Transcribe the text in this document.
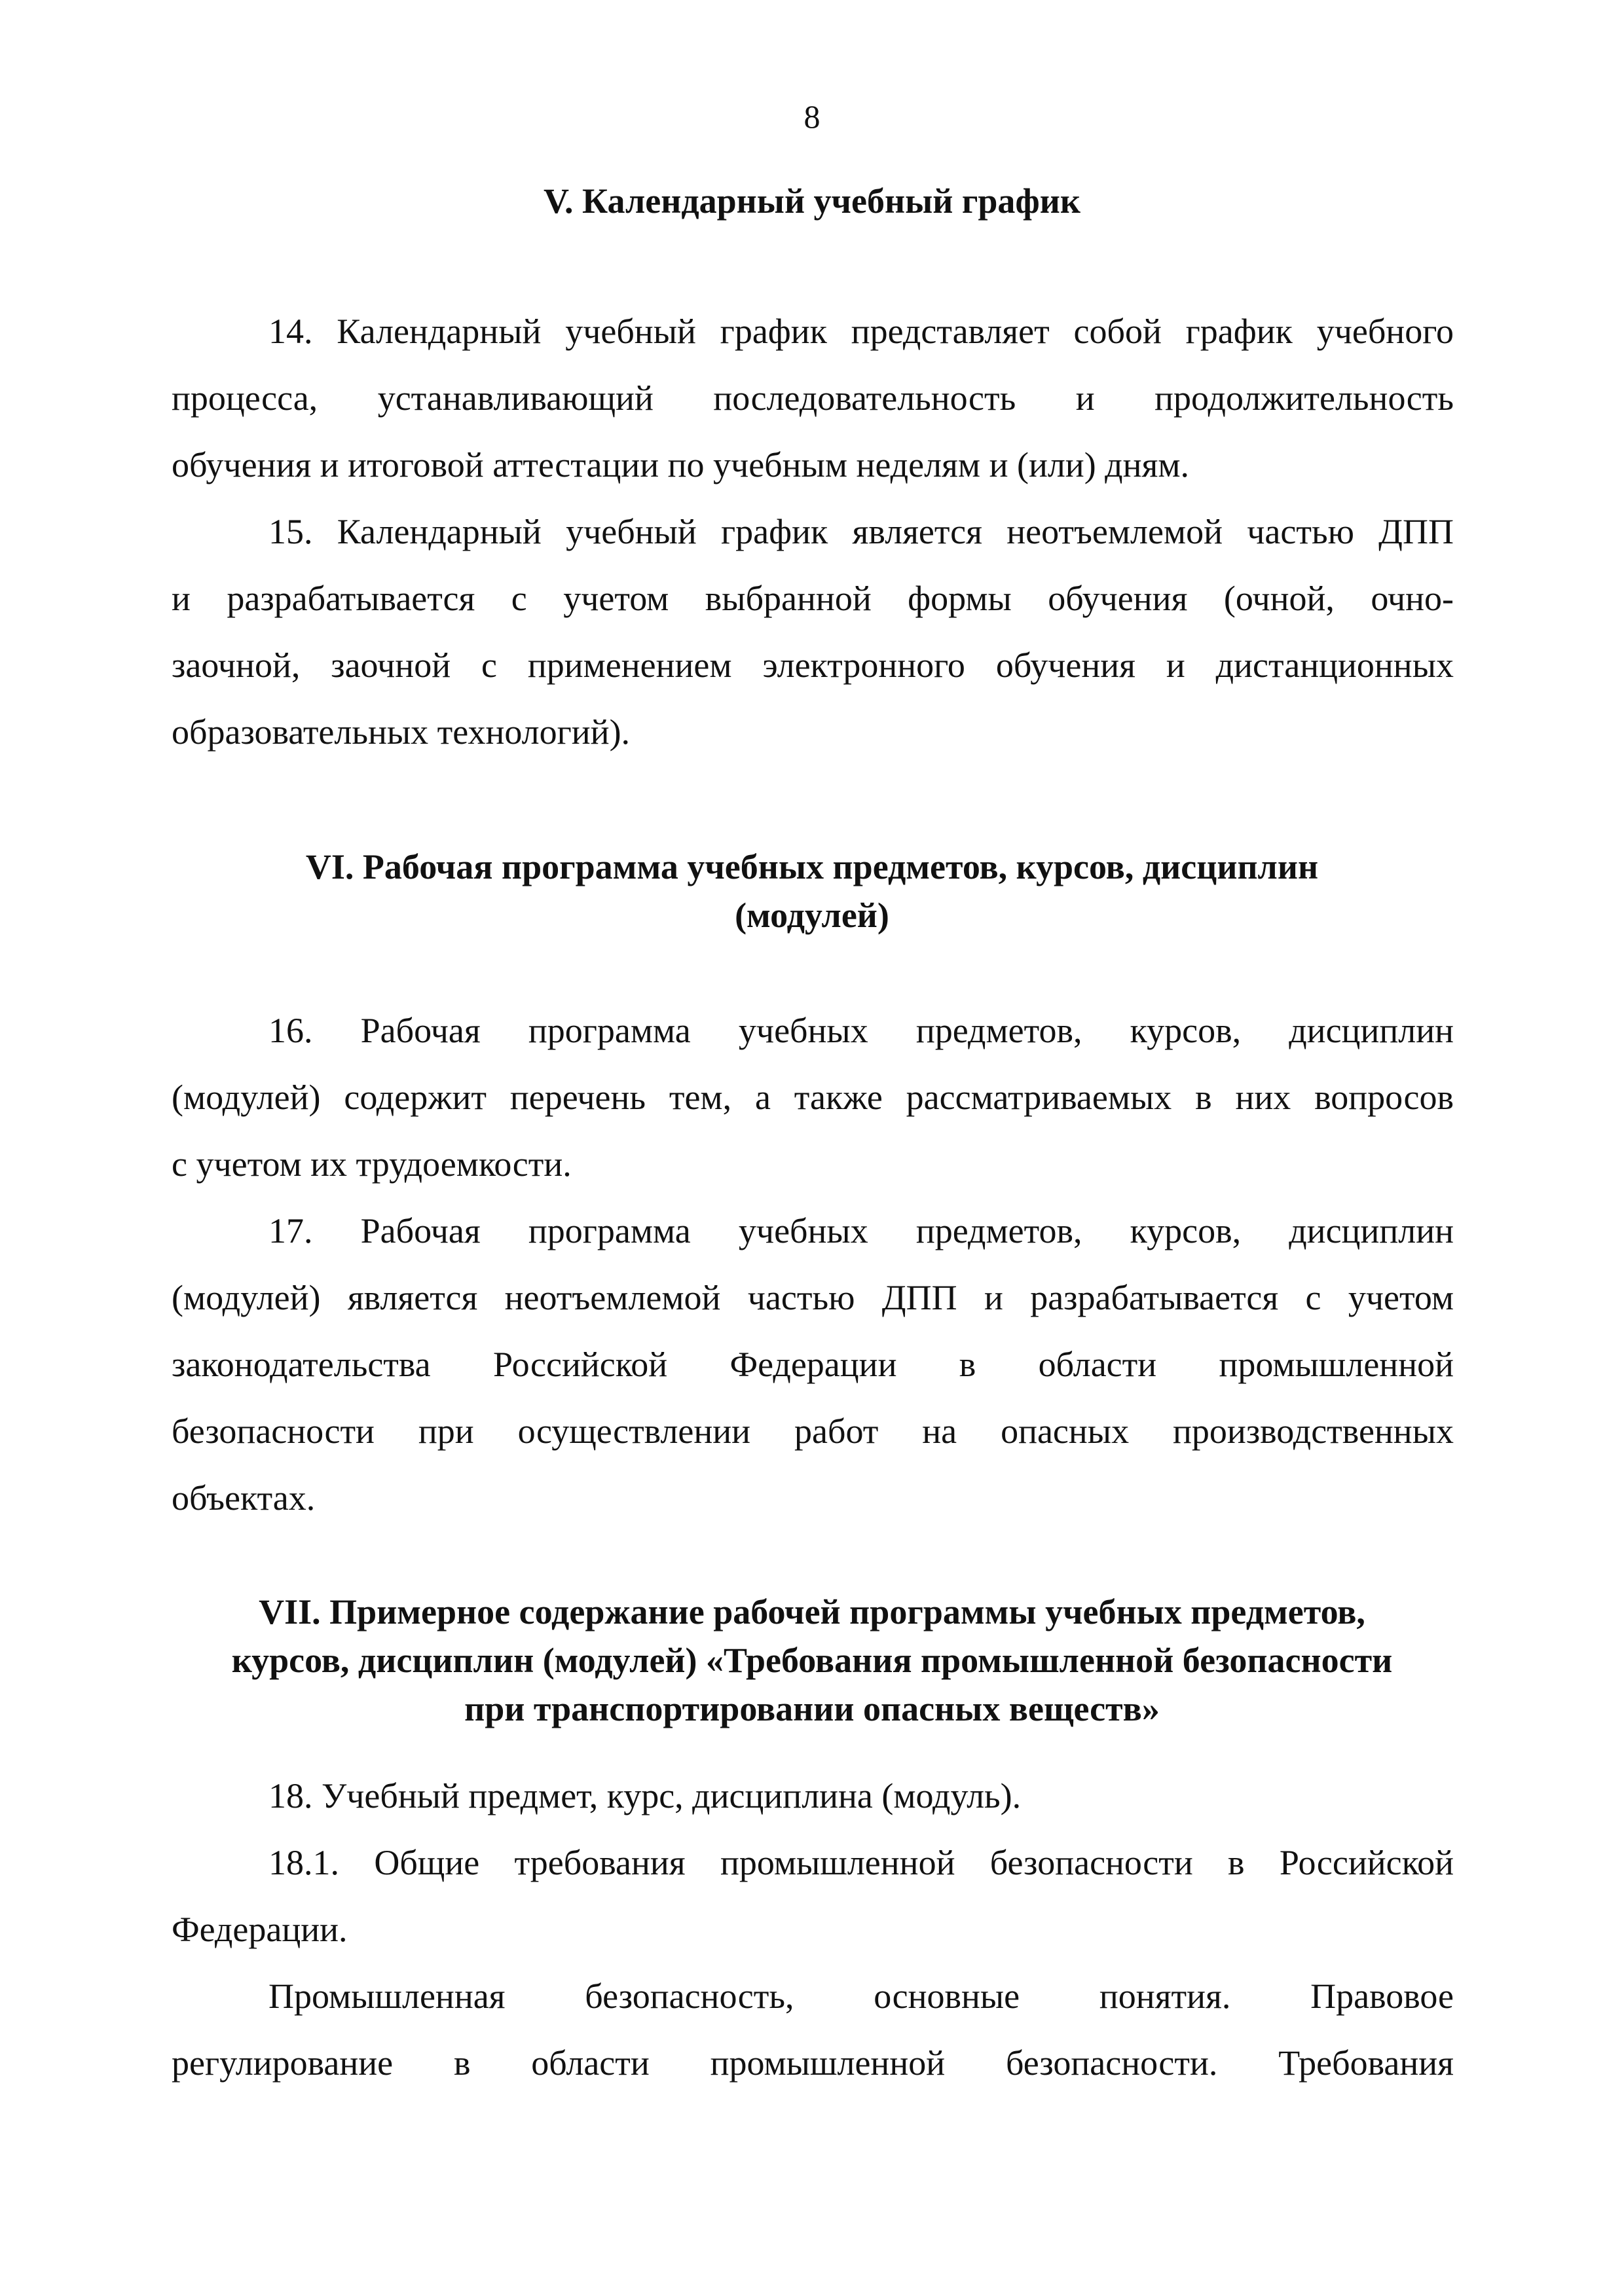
8
V. Календарный учебный график
14. Календарный учебный график представляет собой график учебного
процесса, устанавливающий последовательность и продолжительность
обучения и итоговой аттестации по учебным неделям и (или) дням.
15. Календарный учебный график является неотъемлемой частью ДПП
и разрабатывается с учетом выбранной формы обучения (очной, очно-
заочной, заочной с применением электронного обучения и дистанционных
образовательных технологий).
VI. Рабочая программа учебных предметов, курсов, дисциплин
(модулей)
16. Рабочая программа учебных предметов, курсов, дисциплин
(модулей) содержит перечень тем, а также рассматриваемых в них вопросов
с учетом их трудоемкости.
17. Рабочая программа учебных предметов, курсов, дисциплин
(модулей) является неотъемлемой частью ДПП и разрабатывается с учетом
законодательства Российской Федерации в области промышленной
безопасности при осуществлении работ на опасных производственных
объектах.
VII. Примерное содержание рабочей программы учебных предметов,
курсов, дисциплин (модулей) «Требования промышленной безопасности
при транспортировании опасных веществ»
18. Учебный предмет, курс, дисциплина (модуль).
18.1. Общие требования промышленной безопасности в Российской
Федерации.
Промышленная безопасность, основные понятия. Правовое
регулирование в области промышленной безопасности. Требования
